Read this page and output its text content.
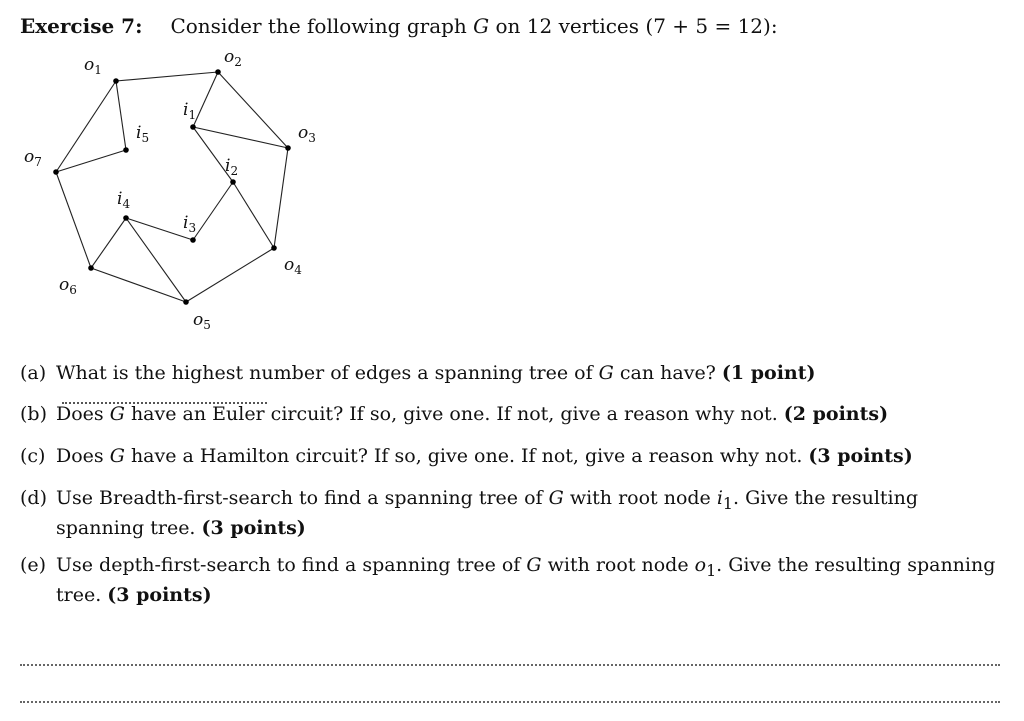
Exercise 7: Consider the following graph G on 12 vertices (7 + 5 = 12):
$o_1$
$o_2$
$o_3$
$o_4$
$o_5$
$o_6$
$o_7$
$i_1$
$i_2$
$i_3$
$i_4$
$i_5$
(a) What is the highest number of edges a spanning tree of G can have? (1 point)
(b) Does G have an Euler circuit? If so, give one. If not, give a reason why not. (2 points)
(c) Does G have a Hamilton circuit? If so, give one. If not, give a reason why not. (3 points)
(d) Use Breadth-first-search to find a spanning tree of G with root node $i_1$. Give the resulting spanning tree. (3 points)
(e) Use depth-first-search to find a spanning tree of G with root node $o_1$. Give the resulting spanning tree. (3 points)
